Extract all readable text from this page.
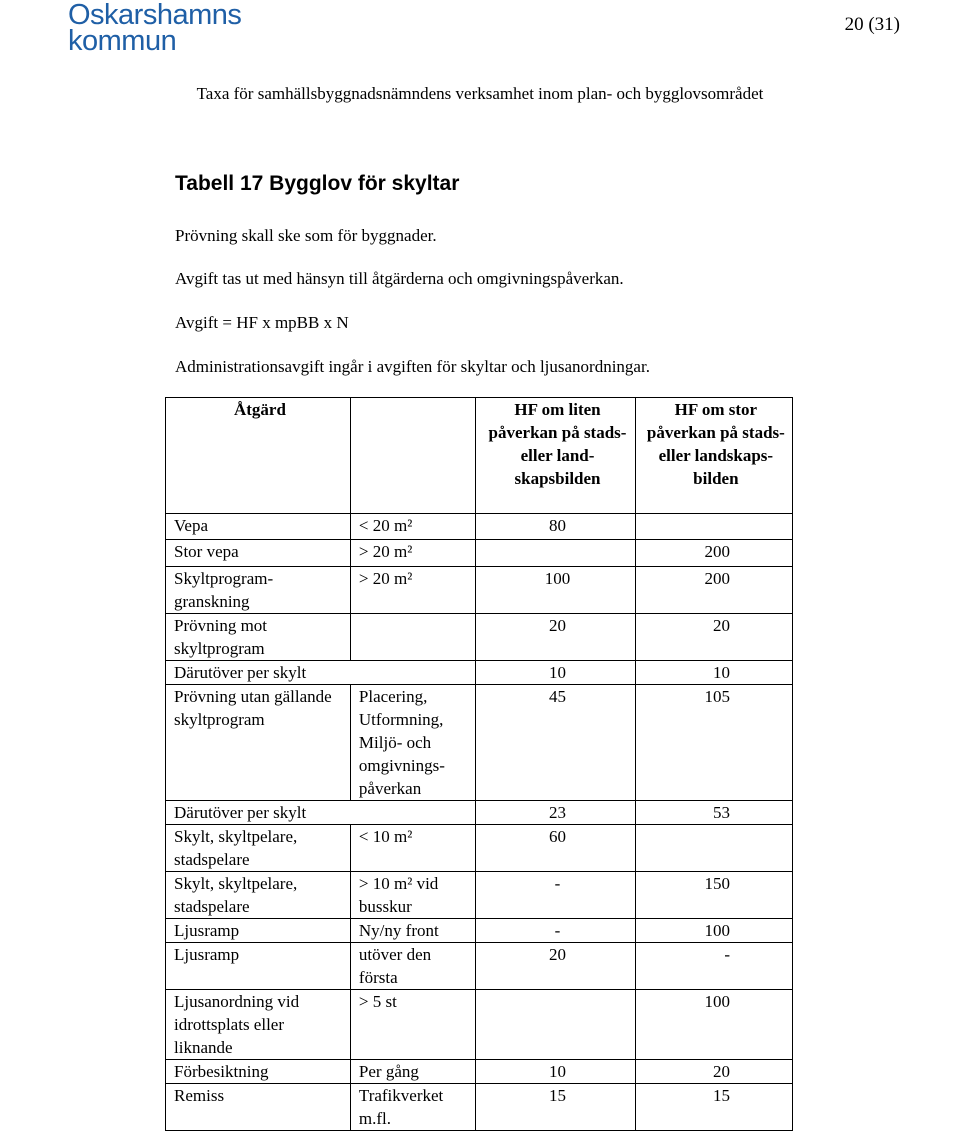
Oskarshamns
kommun
20 (31)
Taxa för samhällsbyggnadsnämndens verksamhet inom plan- och bygglovsområdet
Tabell 17 Bygglov för skyltar
Prövning skall ske som för byggnader.
Avgift tas ut med hänsyn till åtgärderna och omgivningspåverkan.
Avgift = HF x mpBB x N
Administrationsavgift ingår i avgiften för skyltar och ljusanordningar.
Åtgärd		HF om liten påverkan på stads- eller land-skapsbilden	HF om stor påverkan på stads- eller landskaps-bilden
Vepa	< 20 m²	80	
Stor vepa	> 20 m²		200
Skyltprogram-granskning	> 20 m²	100	200
Prövning mot skyltprogram		20	20
Därutöver per skylt		10	10
Prövning utan gällande skyltprogram	Placering, Utformning, Miljö- och omgivnings-påverkan	45	105
Därutöver per skylt		23	53
Skylt, skyltpelare, stadspelare	< 10 m²	60	
Skylt, skyltpelare, stadspelare	> 10 m² vid busskur	-	150
Ljusramp	Ny/ny front	-	100
Ljusramp	utöver den första	20	-
Ljusanordning vid idrottsplats eller liknande	> 5 st		100
Förbesiktning	Per gång	10	20
Remiss	Trafikverket m.fl.	15	15
